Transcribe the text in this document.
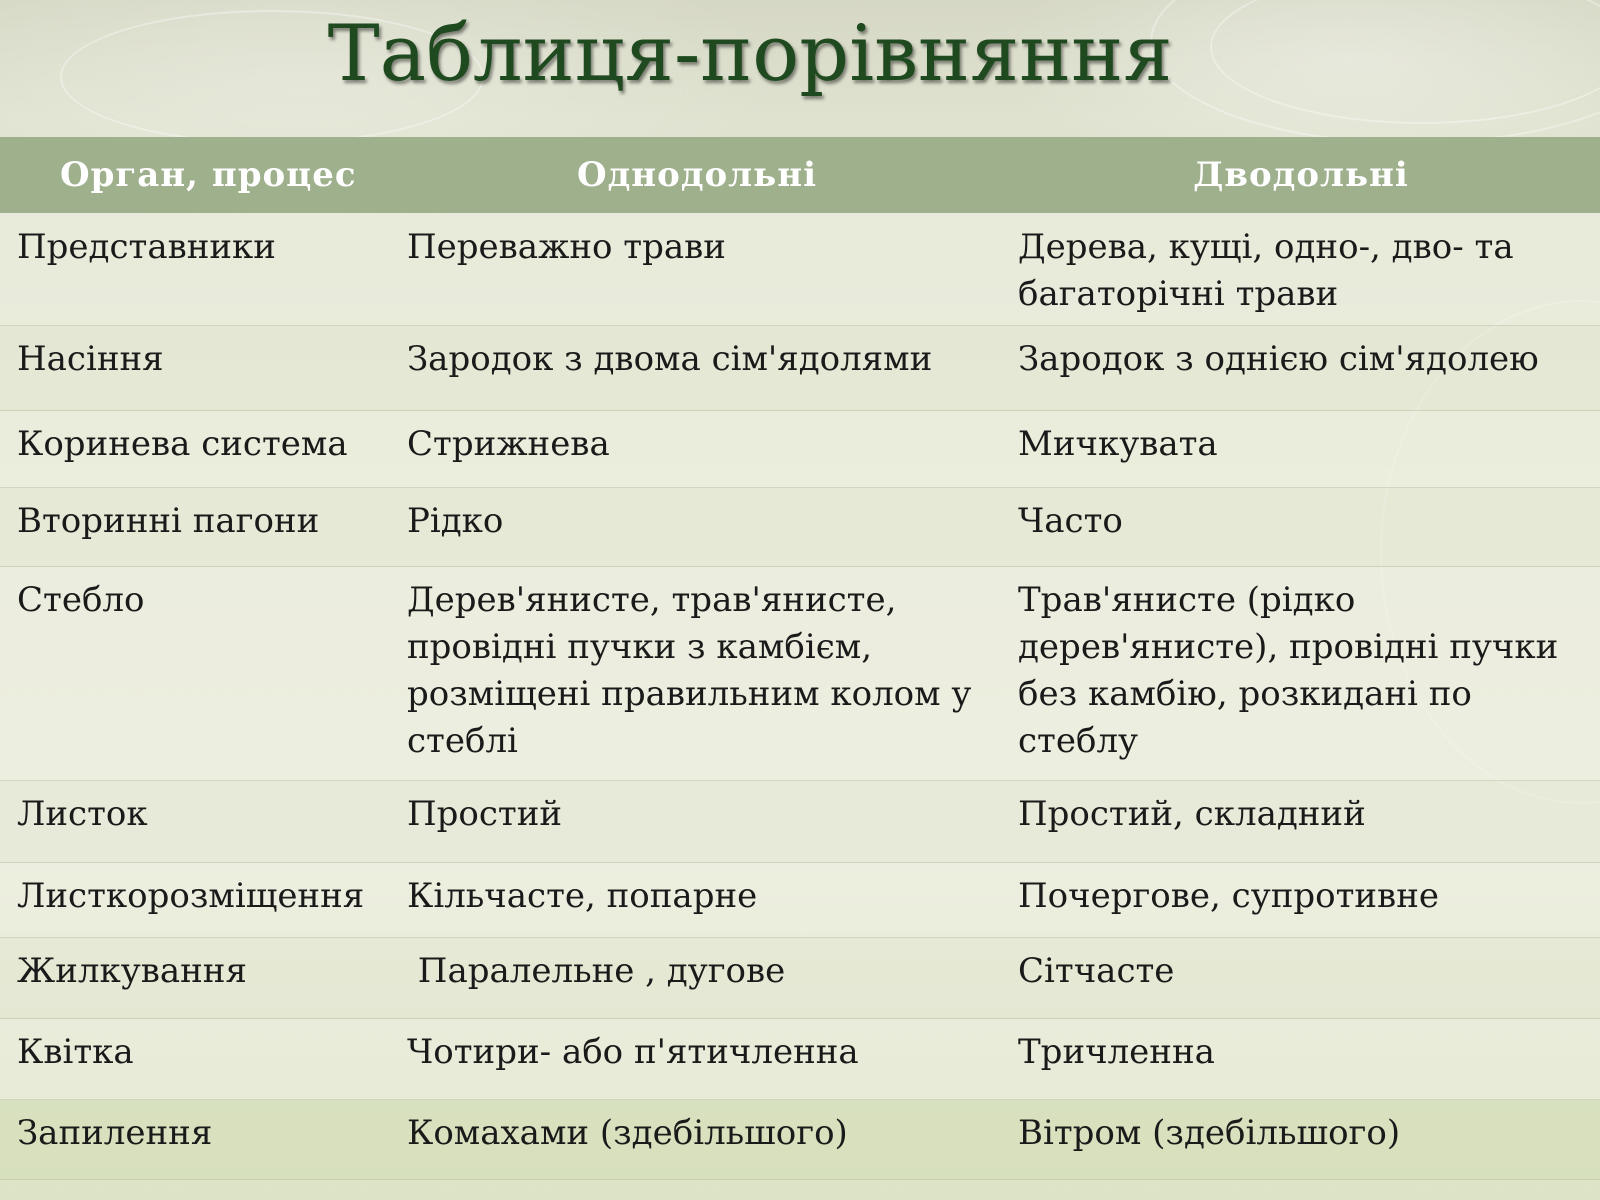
Таблиця-порівняння
Орган, процес	Однодольні	Дводольні
Представники	Переважно трави	Дерева, кущі, одно-, дво- та багаторічні трави
Насіння	Зародок з двома сім'ядолями	Зародок з однією сім'ядолею
Коринева система	Стрижнева	Мичкувата
Вторинні пагони	Рідко	Часто
Стебло	Дерев'янисте, трав'янисте, провідні пучки з камбієм, розміщені правильним колом у стеблі	Трав'янисте (рідко дерев'янисте), провідні пучки без камбію, розкидані по стеблу
Листок	Простий	Простий, складний
Листкорозміщення	Кільчасте, попарне	Почергове, супротивне
Жилкування	Паралельне , дугове	Сітчасте
Квітка	Чотири- або п'ятичленна	Тричленна
Запилення	Комахами (здебільшого)	Вітром (здебільшого)
